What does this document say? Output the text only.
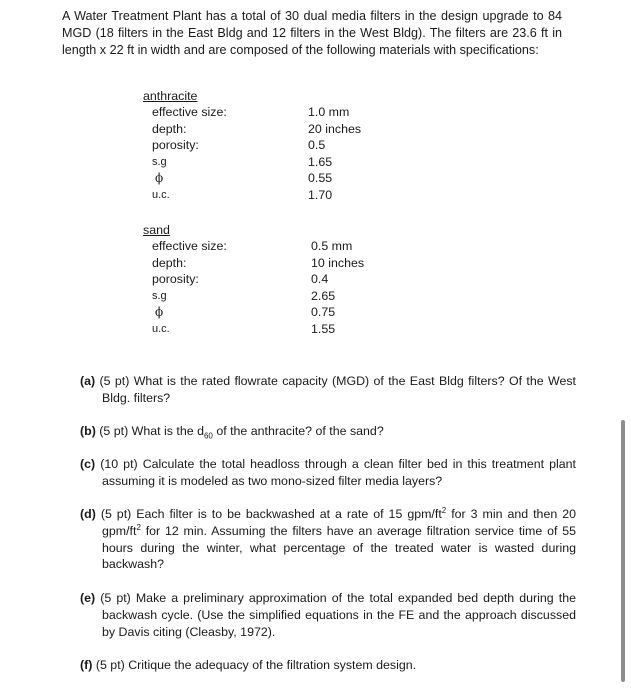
A Water Treatment Plant has a total of 30 dual media filters in the design upgrade to 84 MGD (18 filters in the East Bldg and 12 filters in the West Bldg). The filters are 23.6 ft in length x 22 ft in width and are composed of the following materials with specifications:

anthracite
effective size:	1.0 mm
depth:	20 inches
porosity:	0.5
s.g	1.65
ϕ	0.55
u.c.	1.70
sand
effective size:	0.5 mm
depth:	10 inches
porosity:	0.4
s.g	2.65
ϕ	0.75
u.c.	1.55

(a) (5 pt) What is the rated flowrate capacity (MGD) of the East Bldg filters? Of the West Bldg. filters?

(b) (5 pt) What is the $d_{60}$ of the anthracite? of the sand?

(c) (10 pt) Calculate the total headloss through a clean filter bed in this treatment plant assuming it is modeled as two mono-sized filter media layers?

(d) (5 pt) Each filter is to be backwashed at a rate of 15 gpm/$ft^2$ for 3 min and then 20 gpm/$ft^2$ for 12 min. Assuming the filters have an average filtration service time of 55 hours during the winter, what percentage of the treated water is wasted during backwash?

(e) (5 pt) Make a preliminary approximation of the total expanded bed depth during the backwash cycle. (Use the simplified equations in the FE and the approach discussed by Davis citing (Cleasby, 1972).

(f) (5 pt) Critique the adequacy of the filtration system design.
